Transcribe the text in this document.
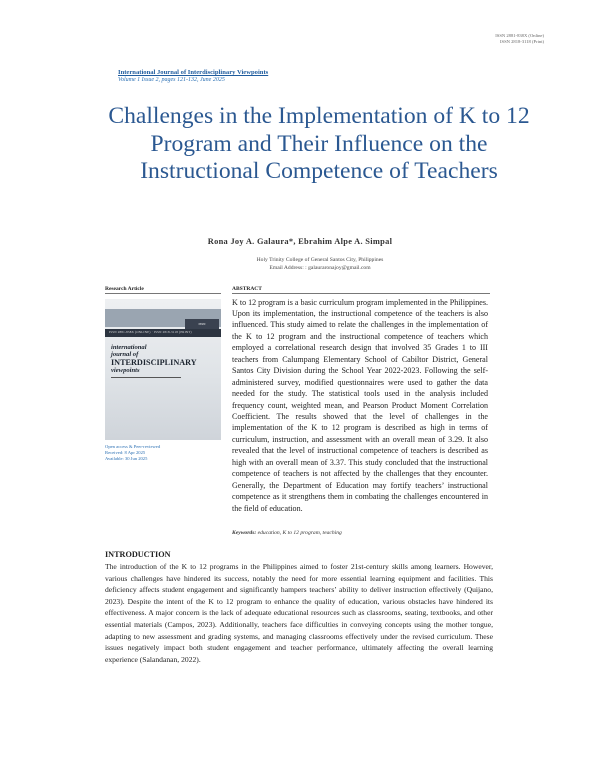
ISSN 2881-838X (Online)
ISSN 2818-3118 (Print)
International Journal of Interdisciplinary Viewpoints
Volume 1 Issue 2, pages 121-132, June 2025
Challenges in the Implementation of K to 12 Program and Their Influence on the Instructional Competence of Teachers
Rona Joy A. Galaura*, Ebrahim Alpe A. Simpal
Holy Trinity College of General Santos City, Philippines
Email Address: : galauraronajoy@gmail.com
Research Article	ABSTRACT
ISSN
ISSN 2881-838X (ONLINE) · ISSN 2818-3118 (PRINT)
international
journal of
INTERDISCIPLINARY
viewpoints
Open access & Peer-reviewed
Received: 8 Apr 2025
Available: 30 Jun 2025

K to 12 program is a basic curriculum program implemented in the Philippines. Upon its implementation, the instructional competence of the teachers is also influenced. This study aimed to relate the challenges in the implementation of the K to 12 program and the instructional competence of teachers which employed a correlational research design that involved 35 Grades 1 to III teachers from Calumpang Elementary School of Cabiltor District, General Santos City Division during the School Year 2022-2023. Following the self-administered survey, modified questionnaires were used to gather the data needed for the study. The statistical tools used in the analysis included frequency count, weighted mean, and Pearson Product Moment Correlation Coefficient. The results showed that the level of challenges in the implementation of the K to 12 program is described as high in terms of curriculum, instruction, and assessment with an overall mean of 3.29. It also revealed that the level of instructional competence of teachers is described as high with an overall mean of 3.37. This study concluded that the instructional competence of teachers is not affected by the challenges that they encounter. Generally, the Department of Education may fortify teachers’ instructional competence as it strengthens them in combating the challenges encountered in the field of education.

Keywords: education, K to 12 program, teaching
INTRODUCTION

The introduction of the K to 12 programs in the Philippines aimed to foster 21st-century skills among learners. However, various challenges have hindered its success, notably the need for more essential learning equipment and facilities. This deficiency affects student engagement and significantly hampers teachers’ ability to deliver instruction effectively (Quijano, 2023). Despite the intent of the K to 12 program to enhance the quality of education, various obstacles have hindered its effectiveness. A major concern is the lack of adequate educational resources such as classrooms, seating, textbooks, and other essential materials (Campos, 2023). Additionally, teachers face difficulties in conveying concepts using the mother tongue, adapting to new assessment and grading systems, and managing classrooms effectively under the revised curriculum. These issues negatively impact both student engagement and teacher performance, ultimately affecting the overall learning experience (Salandanan, 2022).
